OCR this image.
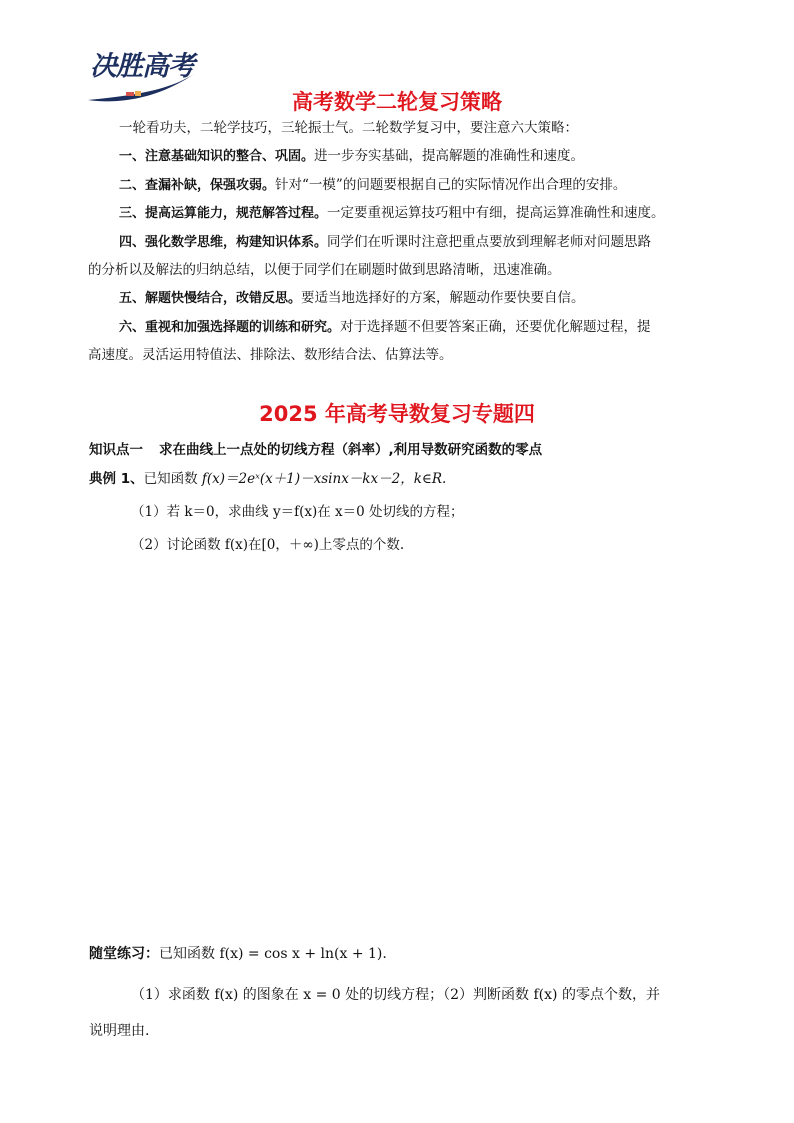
决胜高考
高考数学二轮复习策略
一轮看功夫，二轮学技巧，三轮振士气。二轮数学复习中，要注意六大策略：
一、注意基础知识的整合、巩固。进一步夯实基础，提高解题的准确性和速度。
二、查漏补缺，保强攻弱。针对“一模”的问题要根据自己的实际情况作出合理的安排。
三、提高运算能力，规范解答过程。一定要重视运算技巧粗中有细，提高运算准确性和速度。
四、强化数学思维，构建知识体系。同学们在听课时注意把重点要放到理解老师对问题思路
的分析以及解法的归纳总结，以便于同学们在刷题时做到思路清晰，迅速准确。
五、解题快慢结合，改错反思。要适当地选择好的方案，解题动作要快要自信。
六、重视和加强选择题的训练和研究。对于选择题不但要答案正确，还要优化解题过程，提
高速度。灵活运用特值法、排除法、数形结合法、估算法等。
2025 年高考导数复习专题四
知识点一 求在曲线上一点处的切线方程（斜率）,利用导数研究函数的零点
典例 1、已知函数 f(x)＝2eˣ(x＋1)－xsinx－kx－2，k∈R.
（1）若 k＝0，求曲线 y＝f(x)在 x＝0 处切线的方程；
（2）讨论函数 f(x)在[0，＋∞)上零点的个数.
随堂练习：已知函数 f(x) = cos x + ln(x + 1).
（1）求函数 f(x) 的图象在 x = 0 处的切线方程；（2）判断函数 f(x) 的零点个数，并
说明理由.
